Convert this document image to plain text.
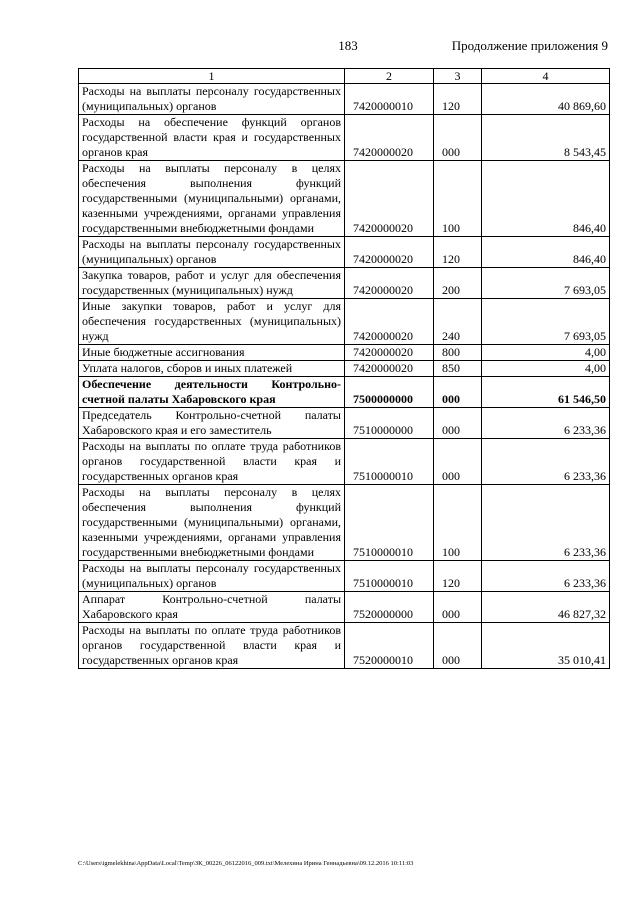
183	Продолжение приложения 9
1	2	3	4
Расходы на выплаты персоналу государственных (муниципальных) органов	7420000010	120	40 869,60
Расходы на обеспечение функций органов государственной власти края и государственных органов края	7420000020	000	8 543,45
Расходы на выплаты персоналу в целях обеспечения выполнения функций государственными (муниципальными) органами, казенными учреждениями, органами управления государственными внебюджетными фондами	7420000020	100	846,40
Расходы на выплаты персоналу государственных (муниципальных) органов	7420000020	120	846,40
Закупка товаров, работ и услуг для обеспечения государственных (муниципальных) нужд	7420000020	200	7 693,05
Иные закупки товаров, работ и услуг для обеспечения государственных (муниципальных) нужд	7420000020	240	7 693,05
Иные бюджетные ассигнования	7420000020	800	4,00
Уплата налогов, сборов и иных платежей	7420000020	850	4,00
Обеспечение деятельности Контрольно-счетной палаты Хабаровского края	7500000000	000	61 546,50
Председатель Контрольно-счетной палаты Хабаровского края и его заместитель	7510000000	000	6 233,36
Расходы на выплаты по оплате труда работников органов государственной власти края и государственных органов края	7510000010	000	6 233,36
Расходы на выплаты персоналу в целях обеспечения выполнения функций государственными (муниципальными) органами, казенными учреждениями, органами управления государственными внебюджетными фондами	7510000010	100	6 233,36
Расходы на выплаты персоналу государственных (муниципальных) органов	7510000010	120	6 233,36
Аппарат Контрольно-счетной палаты Хабаровского края	7520000000	000	46 827,32
Расходы на выплаты по оплате труда работников органов государственной власти края и государственных органов края	7520000010	000	35 010,41
C:\Users\igmelekhina\AppData\Local\Temp\ЗК_00226_06122016_009.txt\Мелехина Ирина Геннадьевна\09.12.2016 10:11:03
